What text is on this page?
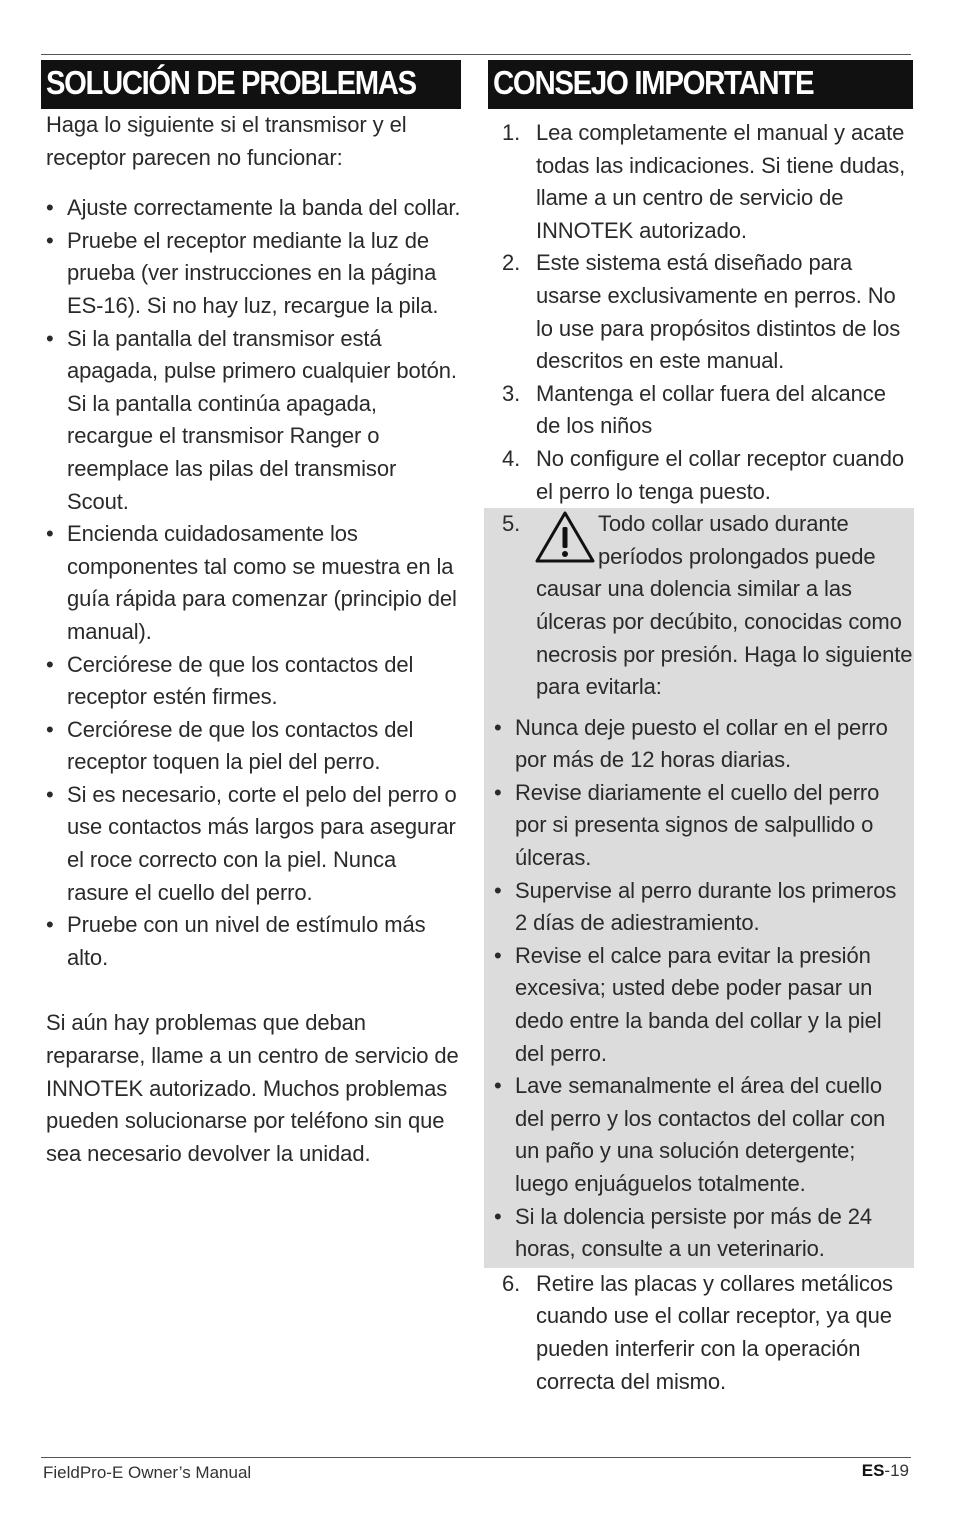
SOLUCIÓN DE PROBLEMAS

Haga lo siguiente si el transmisor y el receptor parecen no funcionar:

• Ajuste correctamente la banda del collar.
• Pruebe el receptor mediante la luz de prueba (ver instrucciones en la página ES-16). Si no hay luz, recargue la pila.
• Si la pantalla del transmisor está apagada, pulse primero cualquier botón. Si la pantalla continúa apagada, recargue el transmisor Ranger o reemplace las pilas del transmisor Scout.
• Encienda cuidadosamente los componentes tal como se muestra en la guía rápida para comenzar (principio del manual).
• Cerciórese de que los contactos del receptor estén firmes.
• Cerciórese de que los contactos del receptor toquen la piel del perro.
• Si es necesario, corte el pelo del perro o use contactos más largos para asegurar el roce correcto con la piel. Nunca rasure el cuello del perro.
• Pruebe con un nivel de estímulo más alto.

Si aún hay problemas que deban repararse, llame a un centro de servicio de INNOTEK autorizado. Muchos problemas pueden solucionarse por teléfono sin que sea necesario devolver la unidad.

CONSEJO IMPORTANTE
1. Lea completamente el manual y acate todas las indicaciones. Si tiene dudas, llame a un centro de servicio de INNOTEK autorizado.
2. Este sistema está diseñado para usarse exclusivamente en perros. No lo use para propósitos distintos de los descritos en este manual.
3. Mantenga el collar fuera del alcance de los niños
4. No configure el collar receptor cuando el perro lo tenga puesto.
5.	Todo collar usado durante períodos prolongados puede causar una dolencia similar a las úlceras por decúbito, conocidas como necrosis por presión. Haga lo siguiente para evitarla:
• Nunca deje puesto el collar en el perro por más de 12 horas diarias.
• Revise diariamente el cuello del perro por si presenta signos de salpullido o úlceras.
• Supervise al perro durante los primeros 2 días de adiestramiento.
• Revise el calce para evitar la presión excesiva; usted debe poder pasar un dedo entre la banda del collar y la piel del perro.
• Lave semanalmente el área del cuello del perro y los contactos del collar con un paño y una solución detergente; luego enjuáguelos totalmente.
• Si la dolencia persiste por más de 24 horas, consulte a un veterinario.
6. Retire las placas y collares metálicos cuando use el collar receptor, ya que pueden interferir con la operación correcta del mismo.
FieldPro-E Owner’s Manual	ES-19
